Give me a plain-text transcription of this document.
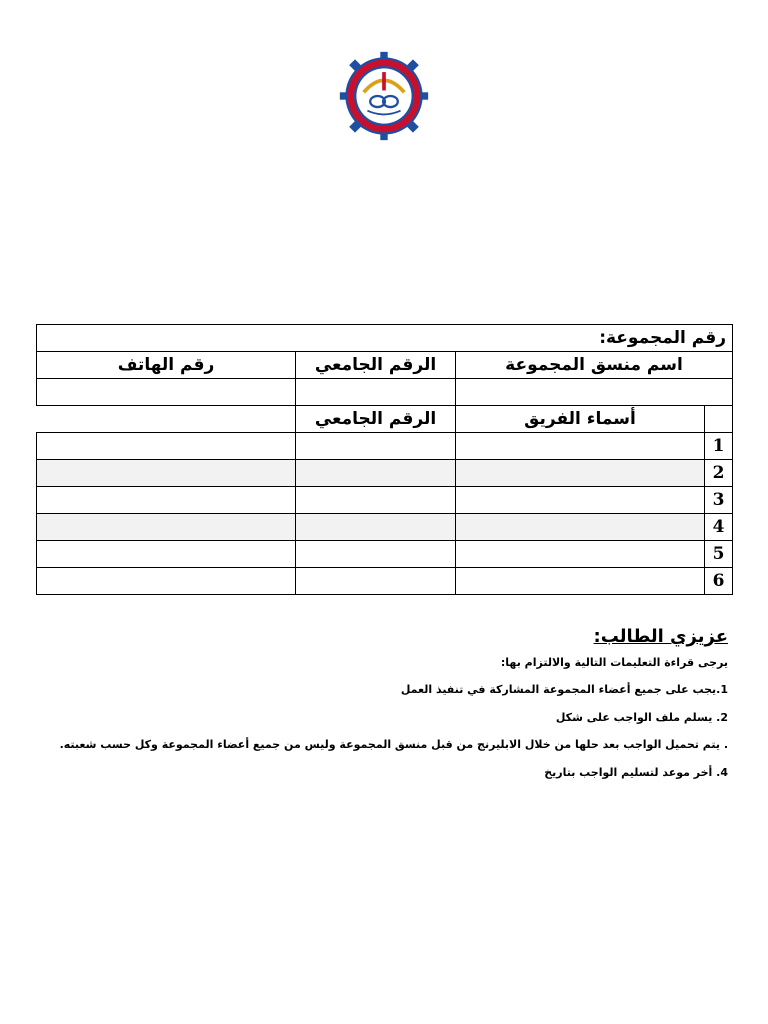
رقم المجموعة:			
رقم الهاتف	الرقم الجامعي	اسم منسق المجموعة	

	الرقم الجامعي	أسماء الفريق	
			1
			2
			3
			4
			5
			6

عزيزي الطالب:

يرجى قراءة التعليمات التالية والالتزام بها:

1.يجب على جميع أعضاء المجموعة المشاركة في تنفيذ العمل

2. يسلم ملف الواجب على شكل

. يتم تحميل الواجب بعد حلها من خلال الابليرنج من قبل منسق المجموعة وليس من جميع أعضاء المجموعة وكل حسب شعبته.

4. أخر موعد لتسليم الواجب بتاريخ
